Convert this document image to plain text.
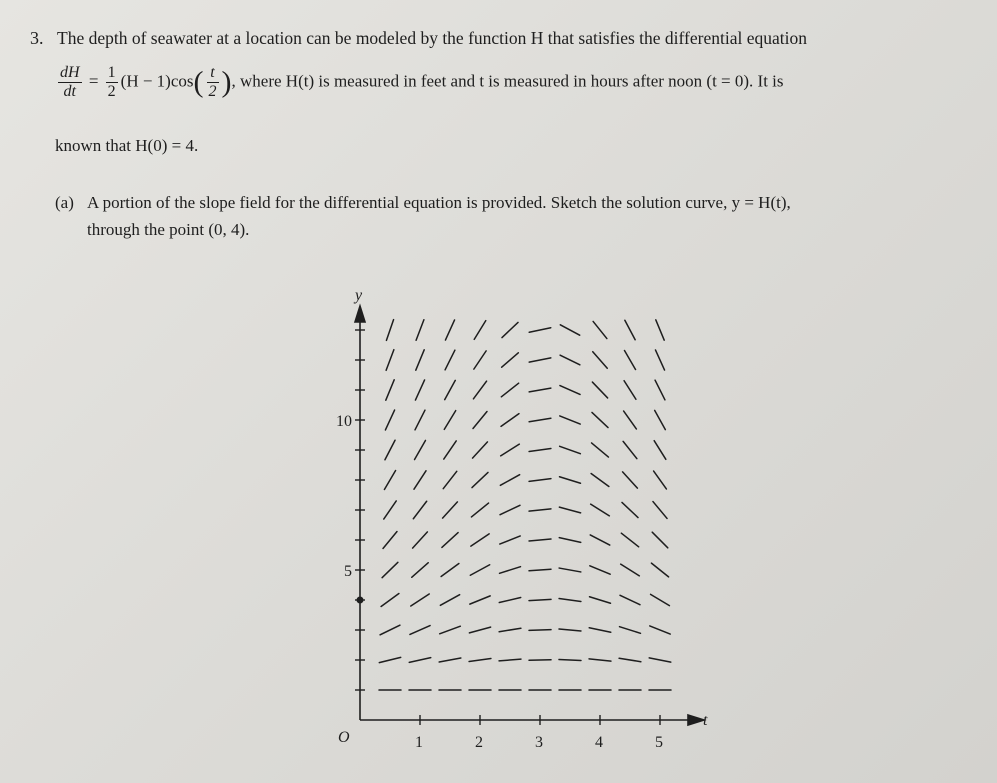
3. The depth of seawater at a location can be modeled by the function H that satisfies the differential equation
$\frac{dH}{dt} = \frac{1}{2} (H - 1)\cos( \frac{t}{2}$ ), where H(t) is measured in feet and t is measured in hours after noon (t = 0). It is
known that H(0) = 4.
(a) A portion of the slope field for the differential equation is provided. Sketch the solution curve, y = H(t),
through the point (0, 4).
y
t
O	1	2	3	4	5
10
5
